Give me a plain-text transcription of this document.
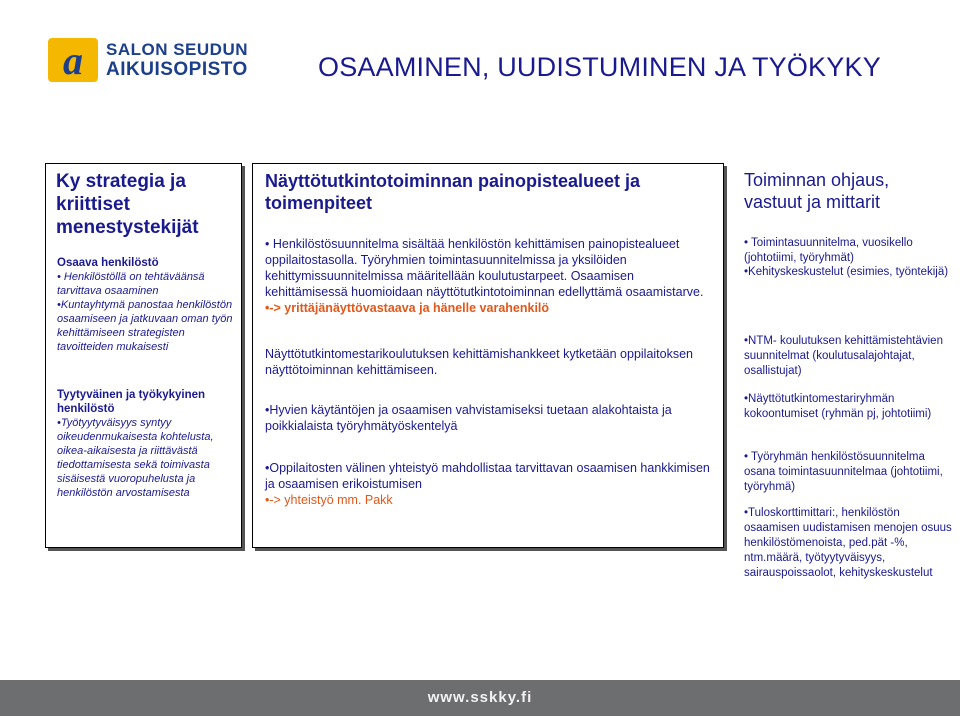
a SALON SEUDUN
AIKUISOPISTO	OSAAMINEN, UUDISTUMINEN JA TYÖKYKY
Ky strategia ja kriittiset menestystekijät
Osaava henkilöstö
• Henkilöstöllä on tehtäväänsä tarvittava osaaminen
•Kuntayhtymä panostaa henkilöstön osaamiseen ja jatkuvaan oman työn kehittämiseen strategisten tavoitteiden mukaisesti
Tyytyväinen ja työkykyinen henkilöstö
•Työtyytyväisyys syntyy oikeudenmukaisesta kohtelusta, oikea-aikaisesta ja riittävästä tiedottamisesta sekä toimivasta sisäisestä vuoropuhelusta ja henkilöstön arvostamisesta
Näyttötutkintotoiminnan painopistealueet ja toimenpiteet
• Henkilöstösuunnitelma sisältää henkilöstön kehittämisen painopistealueet oppilaitostasolla. Työryhmien toimintasuunnitelmissa ja yksilöiden kehittymissuunnitelmissa määritellään koulutustarpeet. Osaamisen kehittämisessä huomioidaan näyttötutkintotoiminnan edellyttämä osaamistarve.
•-> yrittäjänäyttövastaava ja hänelle varahenkilö
Näyttötutkintomestarikoulutuksen kehittämishankkeet kytketään oppilaitoksen näyttötoiminnan kehittämiseen.
•Hyvien käytäntöjen ja osaamisen vahvistamiseksi tuetaan alakohtaista ja poikkialaista työryhmätyöskentelyä
•Oppilaitosten välinen yhteistyö mahdollistaa tarvittavan osaamisen hankkimisen ja osaamisen erikoistumisen
•-> yhteistyö mm. Pakk
Toiminnan ohjaus, vastuut ja mittarit
• Toimintasuunnitelma, vuosikello (johtotiimi, työryhmät)
•Kehityskeskustelut (esimies, työntekijä)
•NTM- koulutuksen kehittämistehtävien suunnitelmat (koulutusalajohtajat, osallistujat)
•Näyttötutkintomestariryhmän kokoontumiset (ryhmän pj, johtotiimi)
• Työryhmän henkilöstösuunnitelma osana toimintasuunnitelmaa (johtotiimi, työryhmä)
•Tuloskorttimittari:, henkilöstön osaamisen uudistamisen menojen osuus henkilöstömenoista, ped.pät -%, ntm.määrä, työtyytyväisyys, sairauspoissaolot, kehityskeskustelut
www.sskky.fi
